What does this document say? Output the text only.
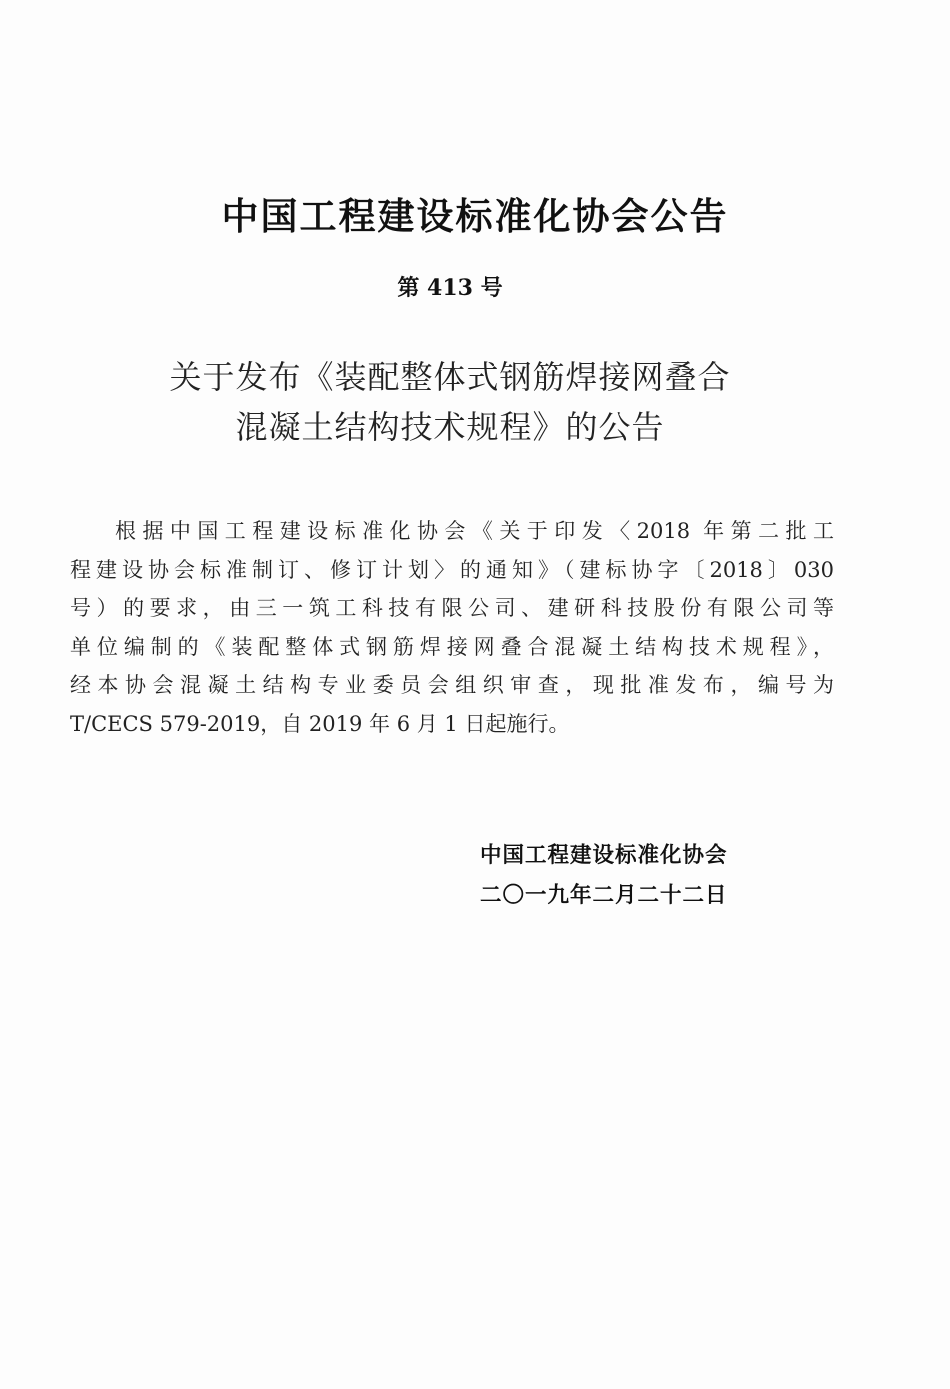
中国工程建设标准化协会公告
第 413 号
关于发布《装配整体式钢筋焊接网叠合
混凝土结构技术规程》的公告
根据中国工程建设标准化协会《关于印发〈2018 年第二批工
程建设协会标准制订、修订计划〉的通知》（建标协字〔2018〕030
号）的要求，由三一筑工科技有限公司、建研科技股份有限公司等
单位编制的《装配整体式钢筋焊接网叠合混凝土结构技术规程》，
经本协会混凝土结构专业委员会组织审查，现批准发布，编号为
T/CECS 579-2019，自 2019 年 6 月 1 日起施行。
中国工程建设标准化协会
二〇一九年二月二十二日
